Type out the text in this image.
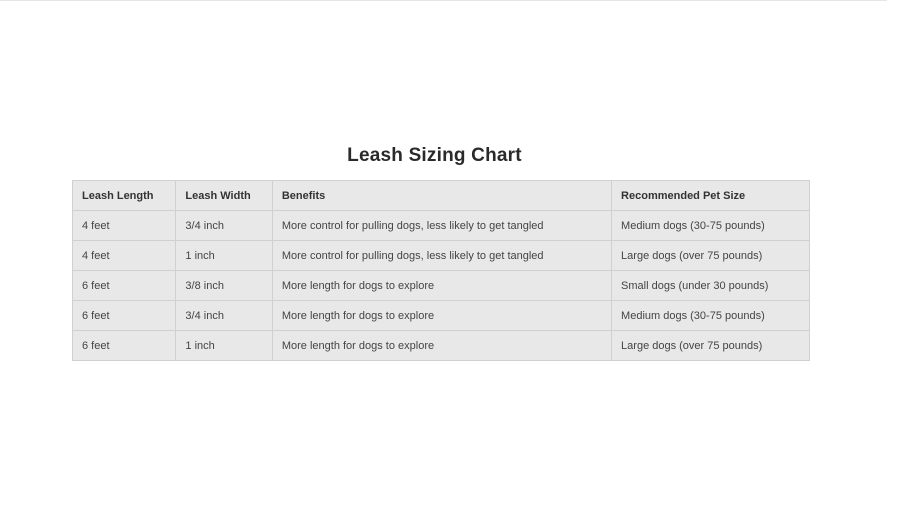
Leash Sizing Chart
Leash Length	Leash Width	Benefits	Recommended Pet Size
4 feet	3/4 inch	More control for pulling dogs, less likely to get tangled	Medium dogs (30-75 pounds)
4 feet	1 inch	More control for pulling dogs, less likely to get tangled	Large dogs (over 75 pounds)
6 feet	3/8 inch	More length for dogs to explore	Small dogs (under 30 pounds)
6 feet	3/4 inch	More length for dogs to explore	Medium dogs (30-75 pounds)
6 feet	1 inch	More length for dogs to explore	Large dogs (over 75 pounds)
